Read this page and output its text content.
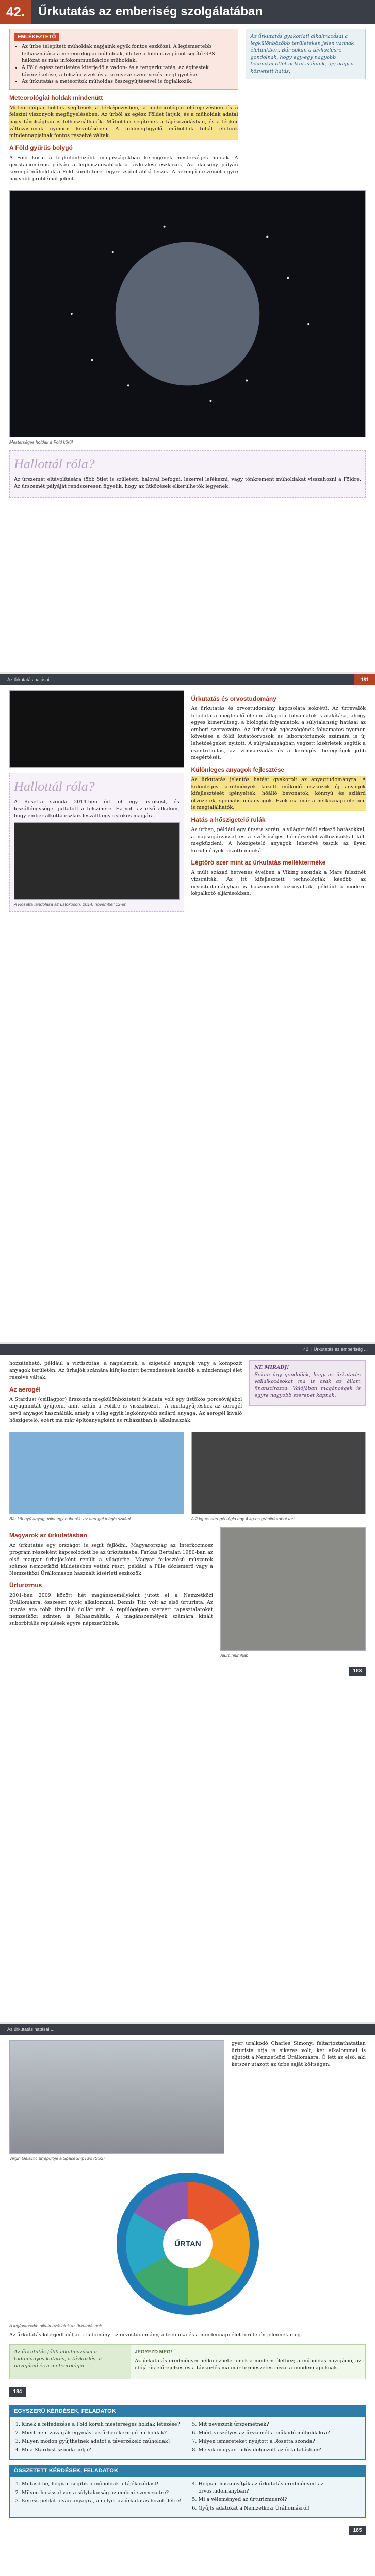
42.	Űrkutatás az emberiség szolgálatában
EMLÉKEZTETŐ
• Az űrbe telepített műholdak napjaink egyik fontos eszközei. A legismertebb felhasználása a meteorológiai műholdak, illetve a földi navigációt segítő GPS-hálózat és más infokommunikációs műholdak.
• A Föld egész területére kiterjedő a vadon- és a tengerkutatás, az égitestek távérzékelése, a felszíni vizek és a környezetszennyezés megfigyelése.
• Az űrkutatás a meteoritok műholdas összegyűjtésével is foglalkozik.
Meteorológiai holdak mindenütt

Meteorológiai holdak segítenek a térképezésben, a meteorológiai előrejelzésben és a felszíni viszonyok megfigyelésében. Az űrből az egész Földet látjuk, és a műholdak adatai nagy távolságban is felhasználhatók. Műholdak segítenek a tájékozódásban, és a légkör változásainak nyomon követésében. A földmegfigyelő műholdak tehát életünk mindennapjainak fontos részeivé váltak.

A Föld gyűrűs bolygó

A Föld körül a legkülönbözőbb magasságokban keringenek mesterséges holdak. A geostacionárius pályán a leghasznosabbak a távközlési eszközök. Az alacsony pályán keringő műholdak a Föld körüli teret egyre zsúfoltabbá teszik. A keringő űrszemét egyre nagyobb problémát jelent.

Az űrkutatás gyakorlati alkalmazásai a legkülönbözőbb területeken jelen vannak életünkben. Bár sokan a távközlésre gondolnak, hogy egy-egy nagyobb technikai ötlet nélkül is élünk, így nagy a közvetett hatás.
Mesterséges holdak a Föld körül
Hallottál róla?

Az űrszemét eltávolítására több ötlet is született: hálóval befogni, lézerrel lefékezni, vagy tönkrement műholdakat visszahozni a Földre. Az űrszemét pályáját rendszeresen figyelik, hogy az ütközések elkerülhetők legyenek.

Az űrkutatás hatásai ...	181
Hallottál róla?

A Rosetta szonda 2014-ben ért el egy üstököst, és leszállóegységet juttatott a felszínére. Ez volt az első alkalom, hogy ember alkotta eszköz leszállt egy üstökös magjára.

A Rosetta landolása az üstökösön, 2014. november 12-én
Űrkutatás és orvostudomány

Az űrkutatás és orvostudomány kapcsolata sokrétű. Az űrrevalók feladata a megfelelő élelem állapotú folyamatok kialakítása, ahogy egyes kimerültség, a biológiai folyamatok, a súlytalanság hatásai az emberi szervezetre. Az űrhajósok egészségének folyamatos nyomon követése a földi kutatóorvosok és laboratóriumok számára is új lehetőségeket nyitott. A súlytalanságban végzett kísérletek segítik a csontritkulás, az izomsorvadás és a keringési betegségek jobb megértését.

Különleges anyagok fejlesztése

Az űrkutatás jelentős hatást gyakorolt az anyagtudományra. A különleges körülmények között működő eszközök új anyagok kifejlesztését igényelték: hőálló bevonatok, könnyű és szilárd ötvözetek, speciális műanyagok. Ezek ma már a hétköznapi életben is megtalálhatók.

Hatás a hőszigetelő rulák

Az űrben, például egy űrséta során, a világűr felől érkező hatásokkal, a napsugárzással és a szélsőséges hőmérséklet-változásokkal kell megküzdeni. A hőszigetelő anyagok lehetővé teszik az ilyen körülmények közötti munkát.

Légtörő szer mint az űrkutatás mellékterméke

A múlt század hetvenes éveiben a Viking szondák a Mars felszínét vizsgálták. Az itt kifejlesztett technológiák később az orvostudományban is hasznosnak bizonyultak, például a modern képalkotó eljárásokban.

42. | Űrkutatás az emberiség ...

hozzátehető, például a víztisztítás, a napelemek, a szigetelő anyagok vagy a kompozit anyagok területén. Az űrhajók számára kifejlesztett berendezések később a mindennapi élet részévé váltak.

Az aerogél

A Stardust (csillagpor) űrszonda megkülönböztetett feladata volt egy üstökös porcsóvájából anyagmintát gyűjteni, amit aztán a Földre is visszahozott. A mintagyűjtéshez az aerogél nevű anyagot használták, amely a világ egyik legkönnyebb szilárd anyaga. Az aerogél kiváló hőszigetelő, ezért ma már építőanyagként és ruházatban is alkalmazzák.

NE MIRADJ!

Sokan úgy gondolják, hogy az űrkutatás vállalkozásokat ma is csak az állam finanszírozza. Valójában magáncégek is egyre nagyobb szerepet kapnak.

Bár könnyű anyag, mint egy buborék, az aerogél mégis szilárd	A 2 kg-os aerogél tégla egy 4 kg-os gránitdarabot tart
Magyarok az űrkutatásban

Az űrkutatás egy országot is segít fejlődni. Magyarország az Interkozmosz program részeként kapcsolódott be az űrkutatásba. Farkas Bertalan 1980-ban az első magyar űrhajósként repült a világűrbe. Magyar fejlesztésű műszerek számos nemzetközi küldetésben vettek részt, például a Pille dózismérő vagy a Nemzetközi Űrállomáson használt kísérleti eszközök.

Űrturizmus

2001-ben 2009 között hét magánszemélyként jutott el a Nemzetközi Űrállomásra, összesen nyolc alkalommal. Dennis Tito volt az első űrturista. Az utazás ára több tízmillió dollár volt. A repülőgépen szerzett tapasztalatokat nemzetközi szinten is felhasználták. A magánszemélyek számára kínált suborbitális repülések egyre népszerűbbek.

Alumíniumhab
183
Az űrkutatás hatásai ...
Virgin Galactic űrrepülője a SpaceShipTwo (SS2)

gyer uralkodó Charles Simonyi feltartóztathatatlan űrturista útja is sikeres volt; két alkalommal is eljutott a Nemzetközi Űrállomásra. Ő lett az első, aki kétszer utazott az űrbe saját költségén.

ŰRTAN
A legfontosabb alkalmazásaink az űrkutatásnak

Az űrkutatás kiterjedt céljai a tudomány, az orvostudomány, a technika és a mindennapi élet területén jelennek meg.

Az űrkutatás főbb alkalmazásai a tudományos kutatás, a távközlés, a navigáció és a meteorológia.
JEGYEZD MEG!

Az űrkutatás eredményei nélkülözhetetlenek a modern élethez; a műholdas navigáció, az időjárás-előrejelzés és a távközlés ma már természetes része a mindennapoknak.

184
EGYSZERŰ KÉRDÉSEK, FELADATOK
1. Kinek a felfedezése a Föld körüli mesterséges holdak létezése?
2. Miért nem zavarják egymást az űrben keringő műholdak?
3. Milyen módon gyűjthetnek adatot a távérzékelő műholdak?
4. Mi a Stardust szonda célja?
5. Mit nevezünk űrszemétnek?
6. Miért veszélyes az űrszemét a működő műholdakra?
7. Milyen ismereteket nyújtott a Rosetta szonda?
8. Melyik magyar tudós dolgozott az űrkutatásban?
ÖSSZETETT KÉRDÉSEK, FELADATOK
1. Mutasd be, hogyan segítik a műholdak a tájékozódást!
2. Milyen hatással van a súlytalanság az emberi szervezetre?
3. Keress példát olyan anyagra, amelyet az űrkutatás hozott létre!
4. Hogyan hasznosítják az űrkutatás eredményeit az orvostudományban?
5. Mi a véleményed az űrturizmusról?
6. Gyűjts adatokat a Nemzetközi Űrállomásról!
185
